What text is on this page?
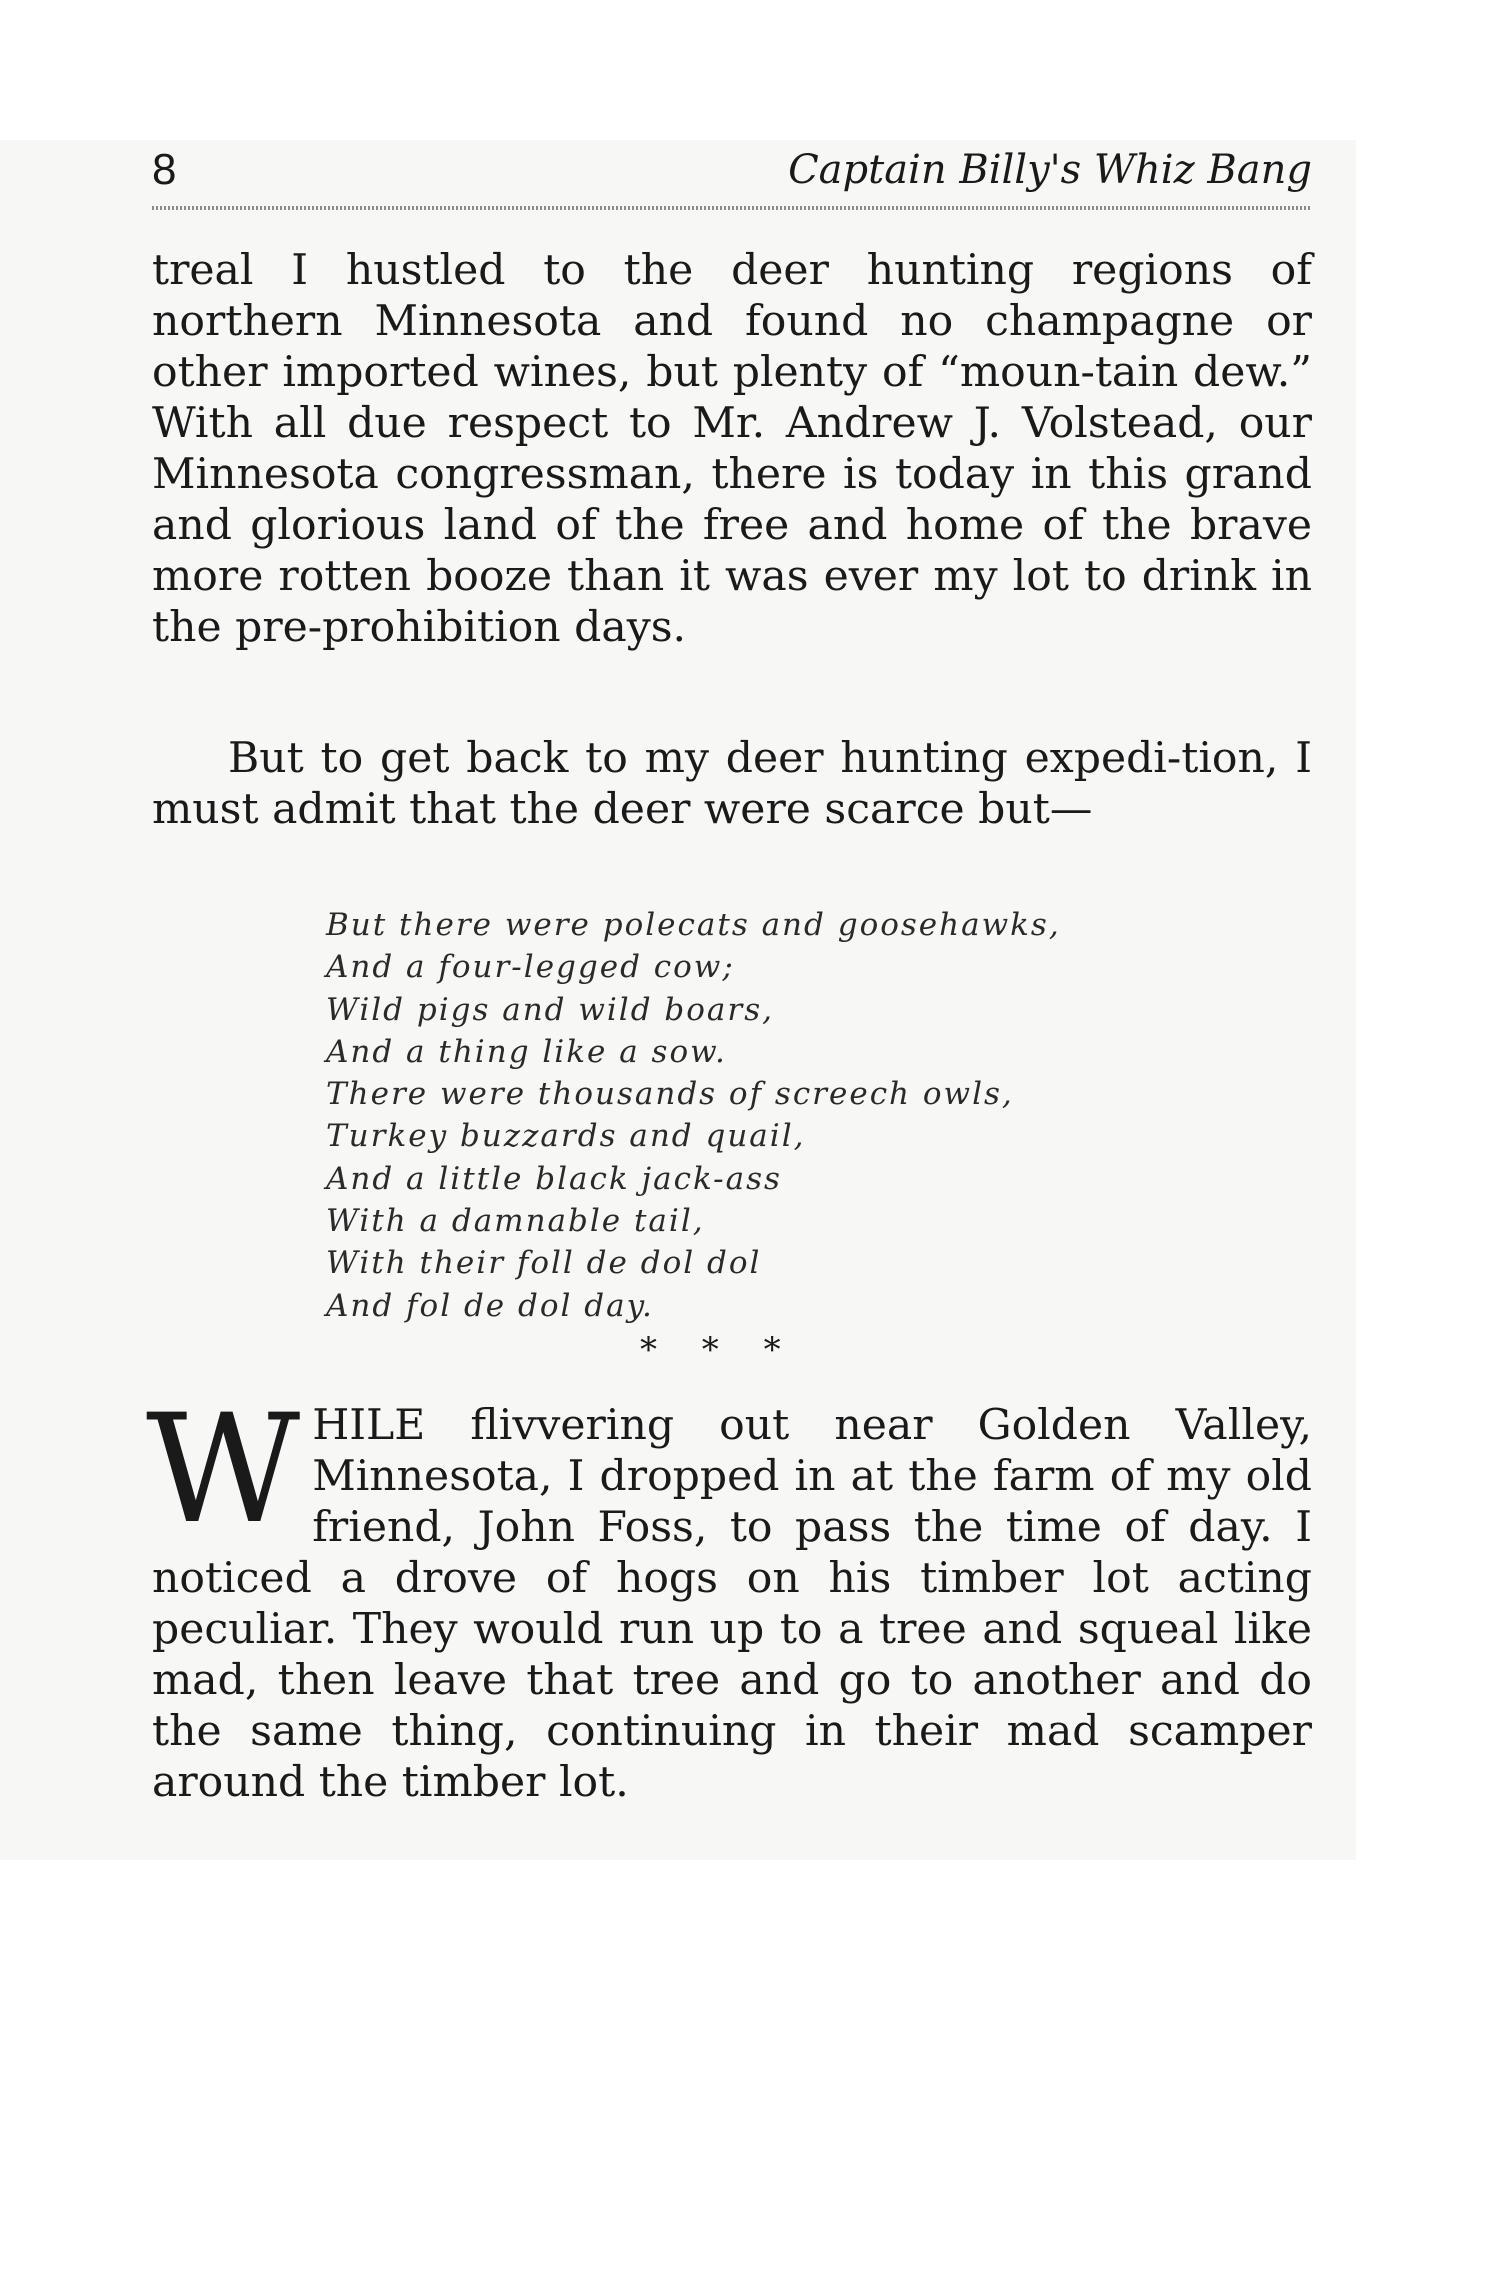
8	Captain Billy's Whiz Bang

treal I hustled to the deer hunting regions of northern Minnesota and found no champagne or other imported wines, but plenty of “moun-tain dew.” With all due respect to Mr. Andrew J. Volstead, our Minnesota congressman, there is today in this grand and glorious land of the free and home of the brave more rotten booze than it was ever my lot to drink in the pre-prohibition days.

But to get back to my deer hunting expedi-tion, I must admit that the deer were scarce but—

But there were polecats and goosehawks,
And a four-legged cow;
Wild pigs and wild boars,
And a thing like a sow.
There were thousands of screech owls,
Turkey buzzards and quail,
And a little black jack-ass
With a damnable tail,
With their foll de dol dol
And fol de dol day.
* * *

WHILE flivvering out near Golden Valley, Minnesota, I dropped in at the farm of my old friend, John Foss, to pass the time of day. I noticed a drove of hogs on his timber lot acting peculiar. They would run up to a tree and squeal like mad, then leave that tree and go to another and do the same thing, continuing in their mad scamper around the timber lot.
